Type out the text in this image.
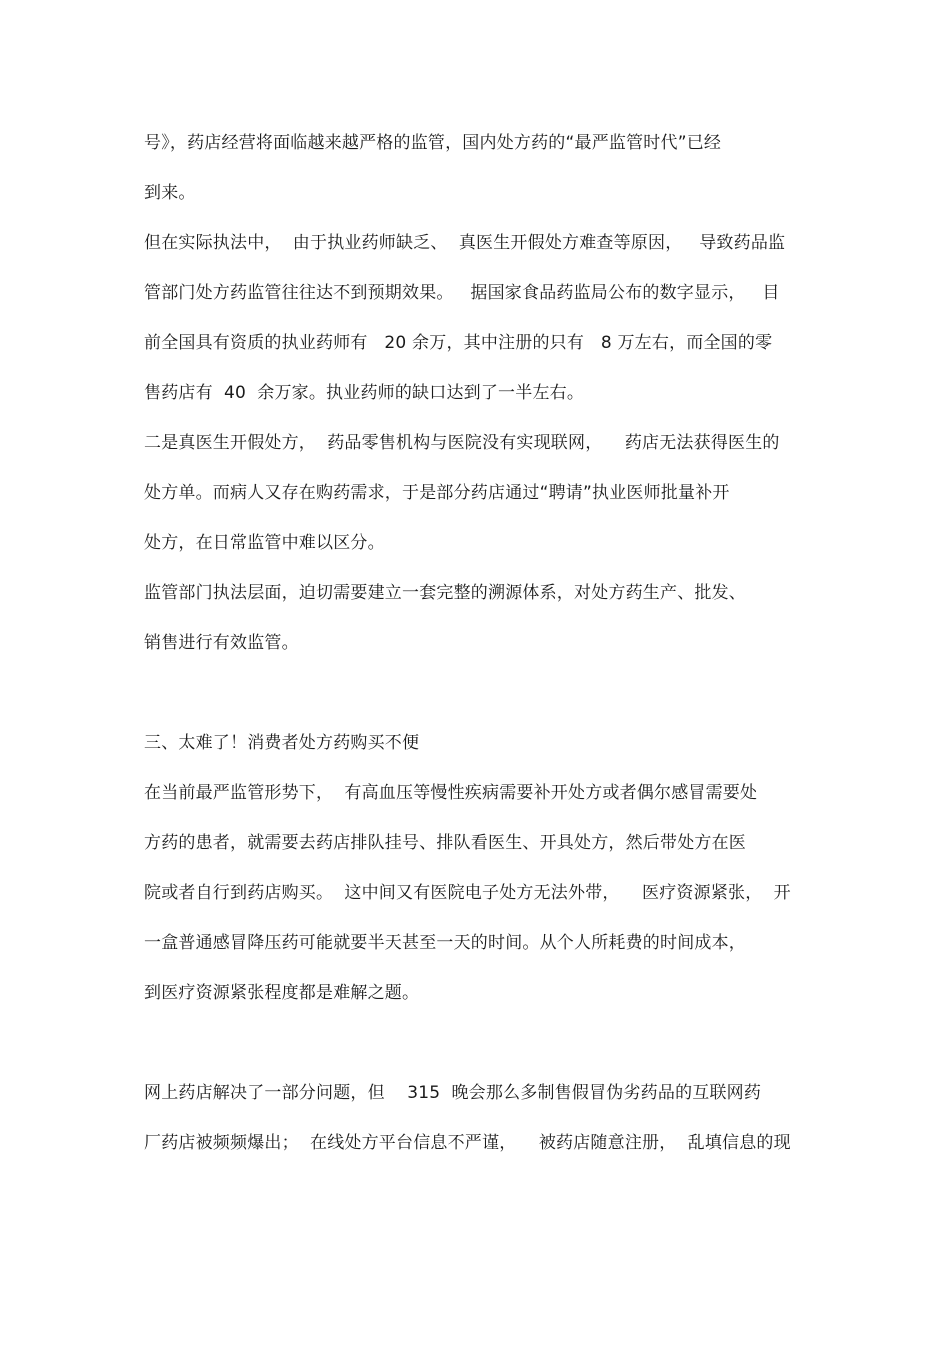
号》，药店经营将面临越来越严格的监管，国内处方药的“最严监管时代”已经
到来。
但在实际执法中，  由于执业药师缺乏、  真医生开假处方难查等原因，   导致药品监
管部门处方药监管往往达不到预期效果。   据国家食品药监局公布的数字显示，   目
前全国具有资质的执业药师有   20 余万，其中注册的只有   8 万左右，而全国的零
售药店有  40  余万家。执业药师的缺口达到了一半左右。
二是真医生开假处方，  药品零售机构与医院没有实现联网，    药店无法获得医生的
处方单。而病人又存在购药需求，于是部分药店通过“聘请”执业医师批量补开
处方，在日常监管中难以区分。
监管部门执法层面，迫切需要建立一套完整的溯源体系，对处方药生产、批发、
销售进行有效监管。
三、太难了！消费者处方药购买不便
在当前最严监管形势下，  有高血压等慢性疾病需要补开处方或者偶尔感冒需要处
方药的患者，就需要去药店排队挂号、排队看医生、开具处方，然后带处方在医
院或者自行到药店购买。  这中间又有医院电子处方无法外带，    医疗资源紧张，  开
一盒普通感冒降压药可能就要半天甚至一天的时间。从个人所耗费的时间成本，
到医疗资源紧张程度都是难解之题。
网上药店解决了一部分问题，但    315  晚会那么多制售假冒伪劣药品的互联网药
厂药店被频频爆出；  在线处方平台信息不严谨，    被药店随意注册，  乱填信息的现
